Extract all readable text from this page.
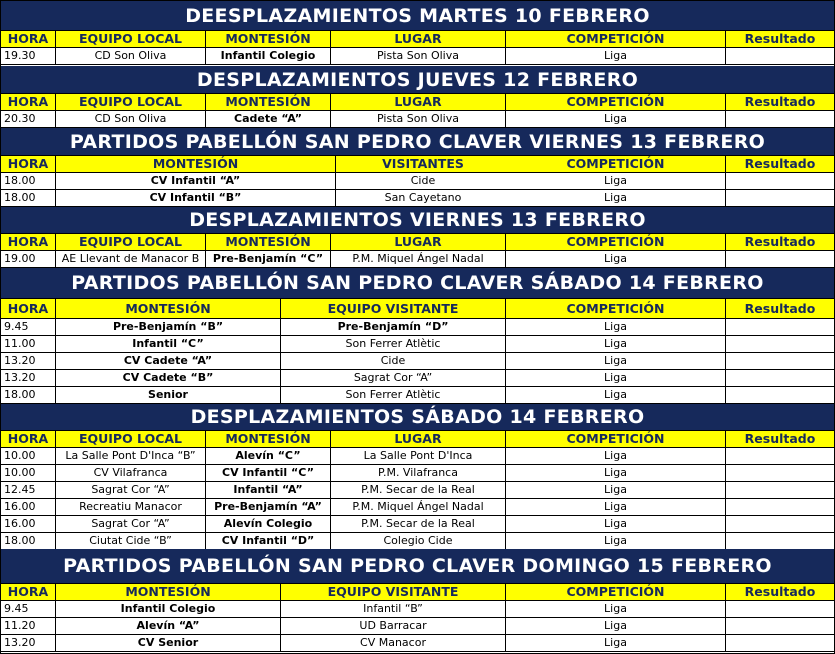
DEESPLAZAMIENTOS MARTES 10 FEBRERO
HORA	EQUIPO LOCAL	MONTESIÓN	LUGAR	COMPETICIÓN	Resultado
19.30	CD Son Oliva	Infantil Colegio	Pista Son Oliva	Liga
DESPLAZAMIENTOS JUEVES 12 FEBRERO
HORA	EQUIPO LOCAL	MONTESIÓN	LUGAR	COMPETICIÓN	Resultado
20.30	CD Son Oliva	Cadete “A”	Pista Son Oliva	Liga
PARTIDOS PABELLÓN SAN PEDRO CLAVER VIERNES 13 FEBRERO
HORA	MONTESIÓN	VISITANTES	COMPETICIÓN	Resultado
18.00	CV Infantil “A”	Cide	Liga
18.00	CV Infantil “B”	San Cayetano	Liga
DESPLAZAMIENTOS VIERNES 13 FEBRERO
HORA	EQUIPO LOCAL	MONTESIÓN	LUGAR	COMPETICIÓN	Resultado
19.00	AE Llevant de Manacor B	Pre-Benjamín “C”	P.M. Miquel Ángel Nadal	Liga
PARTIDOS PABELLÓN SAN PEDRO CLAVER SÁBADO 14 FEBRERO
HORA	MONTESIÓN	EQUIPO VISITANTE	COMPETICIÓN	Resultado
9.45	Pre-Benjamín “B”	Pre-Benjamín “D”	Liga
11.00	Infantil “C”	Son Ferrer Atlètic	Liga
13.20	CV Cadete “A”	Cide	Liga
13.20	CV Cadete “B”	Sagrat Cor “A”	Liga
18.00	Senior	Son Ferrer Atlètic	Liga
DESPLAZAMIENTOS SÁBADO 14 FEBRERO
HORA	EQUIPO LOCAL	MONTESIÓN	LUGAR	COMPETICIÓN	Resultado
10.00	La Salle Pont D'Inca “B”	Alevín “C”	La Salle Pont D'Inca	Liga
10.00	CV Vilafranca	CV Infantil “C”	P.M. Vilafranca	Liga
12.45	Sagrat Cor “A”	Infantil “A”	P.M. Secar de la Real	Liga
16.00	Recreatiu Manacor	Pre-Benjamín “A”	P.M. Miquel Ángel Nadal	Liga
16.00	Sagrat Cor “A”	Alevín Colegio	P.M. Secar de la Real	Liga
18.00	Ciutat Cide “B”	CV Infantil “D”	Colegio Cide	Liga
PARTIDOS PABELLÓN SAN PEDRO CLAVER DOMINGO 15 FEBRERO
HORA	MONTESIÓN	EQUIPO VISITANTE	COMPETICIÓN	Resultado
9.45	Infantil Colegio	Infantil “B”	Liga
11.20	Alevín “A”	UD Barracar	Liga
13.20	CV Senior	CV Manacor	Liga
